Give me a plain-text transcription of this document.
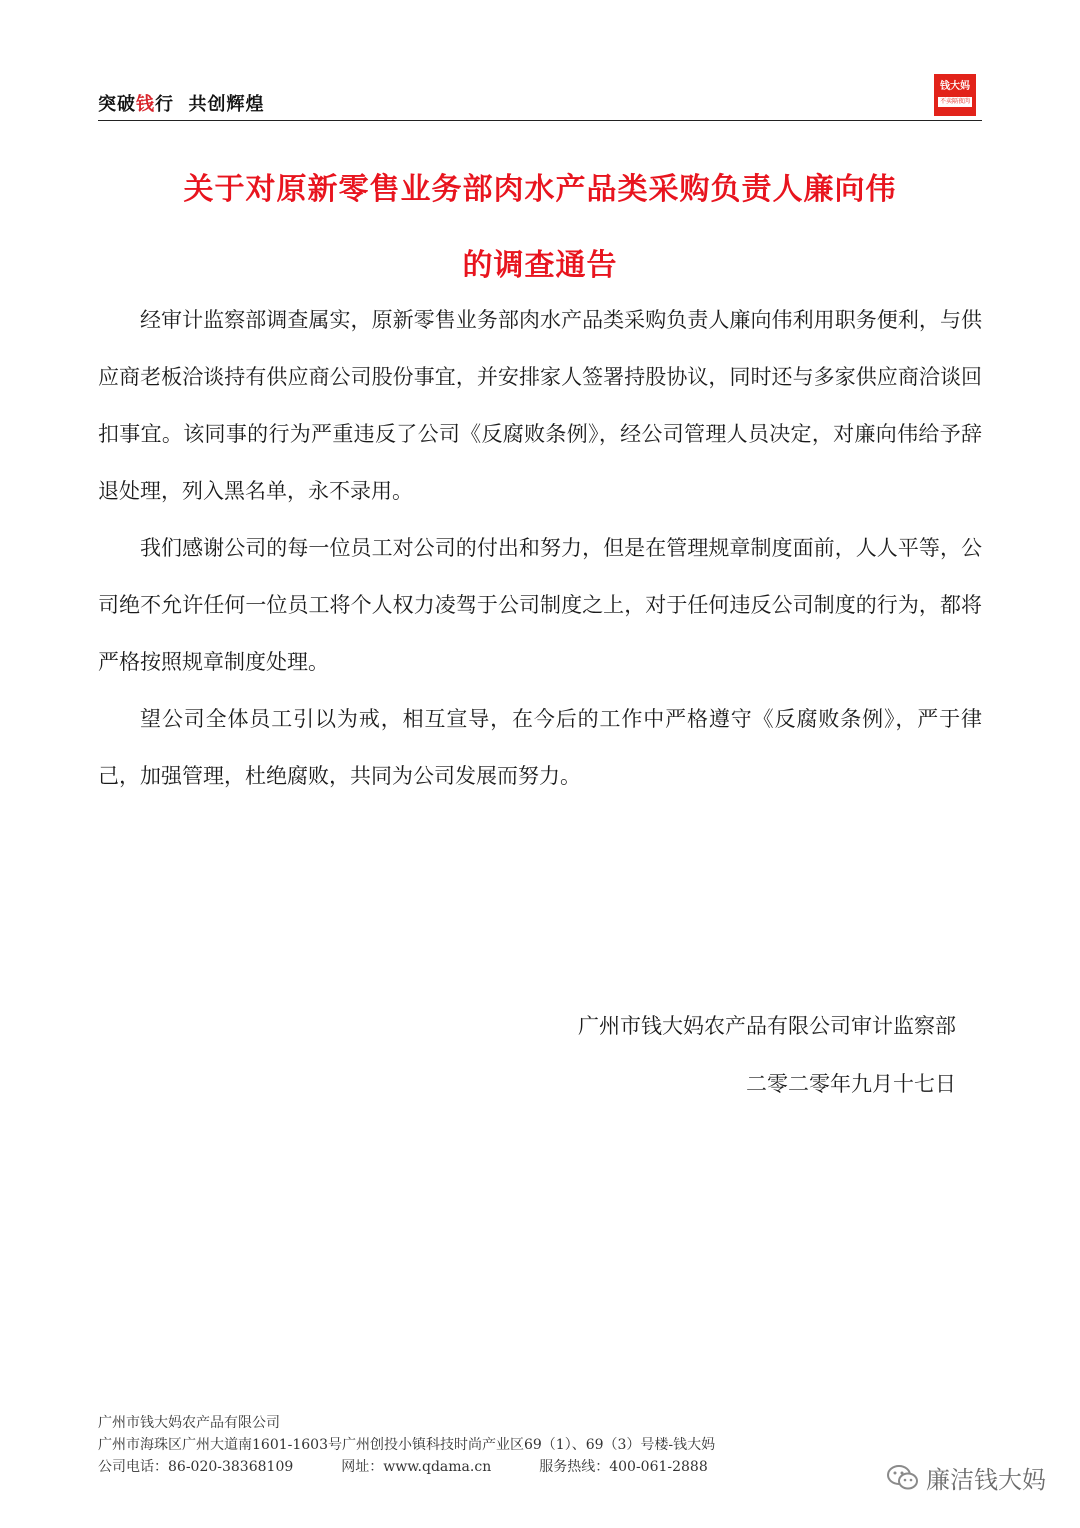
突破钱行  共创辉煌
钱大妈
不卖隔夜肉
关于对原新零售业务部肉水产品类采购负责人廉向伟
的调查通告

经审计监察部调查属实，原新零售业务部肉水产品类采购负责人廉向伟利用职务便利，与供应商老板洽谈持有供应商公司股份事宜，并安排家人签署持股协议，同时还与多家供应商洽谈回扣事宜。该同事的行为严重违反了公司《反腐败条例》，经公司管理人员决定，对廉向伟给予辞退处理，列入黑名单，永不录用。

我们感谢公司的每一位员工对公司的付出和努力，但是在管理规章制度面前，人人平等，公司绝不允许任何一位员工将个人权力凌驾于公司制度之上，对于任何违反公司制度的行为，都将严格按照规章制度处理。

望公司全体员工引以为戒，相互宣导，在今后的工作中严格遵守《反腐败条例》，严于律己，加强管理，杜绝腐败，共同为公司发展而努力。

广州市钱大妈农产品有限公司审计监察部
二零二零年九月十七日
广州市钱大妈农产品有限公司
广州市海珠区广州大道南1601-1603号广州创投小镇科技时尚产业区69（1）、69（3）号楼-钱大妈
公司电话：86-020-38368109	网址：www.qdama.cn	服务热线：400-061-2888	廉洁钱大妈
